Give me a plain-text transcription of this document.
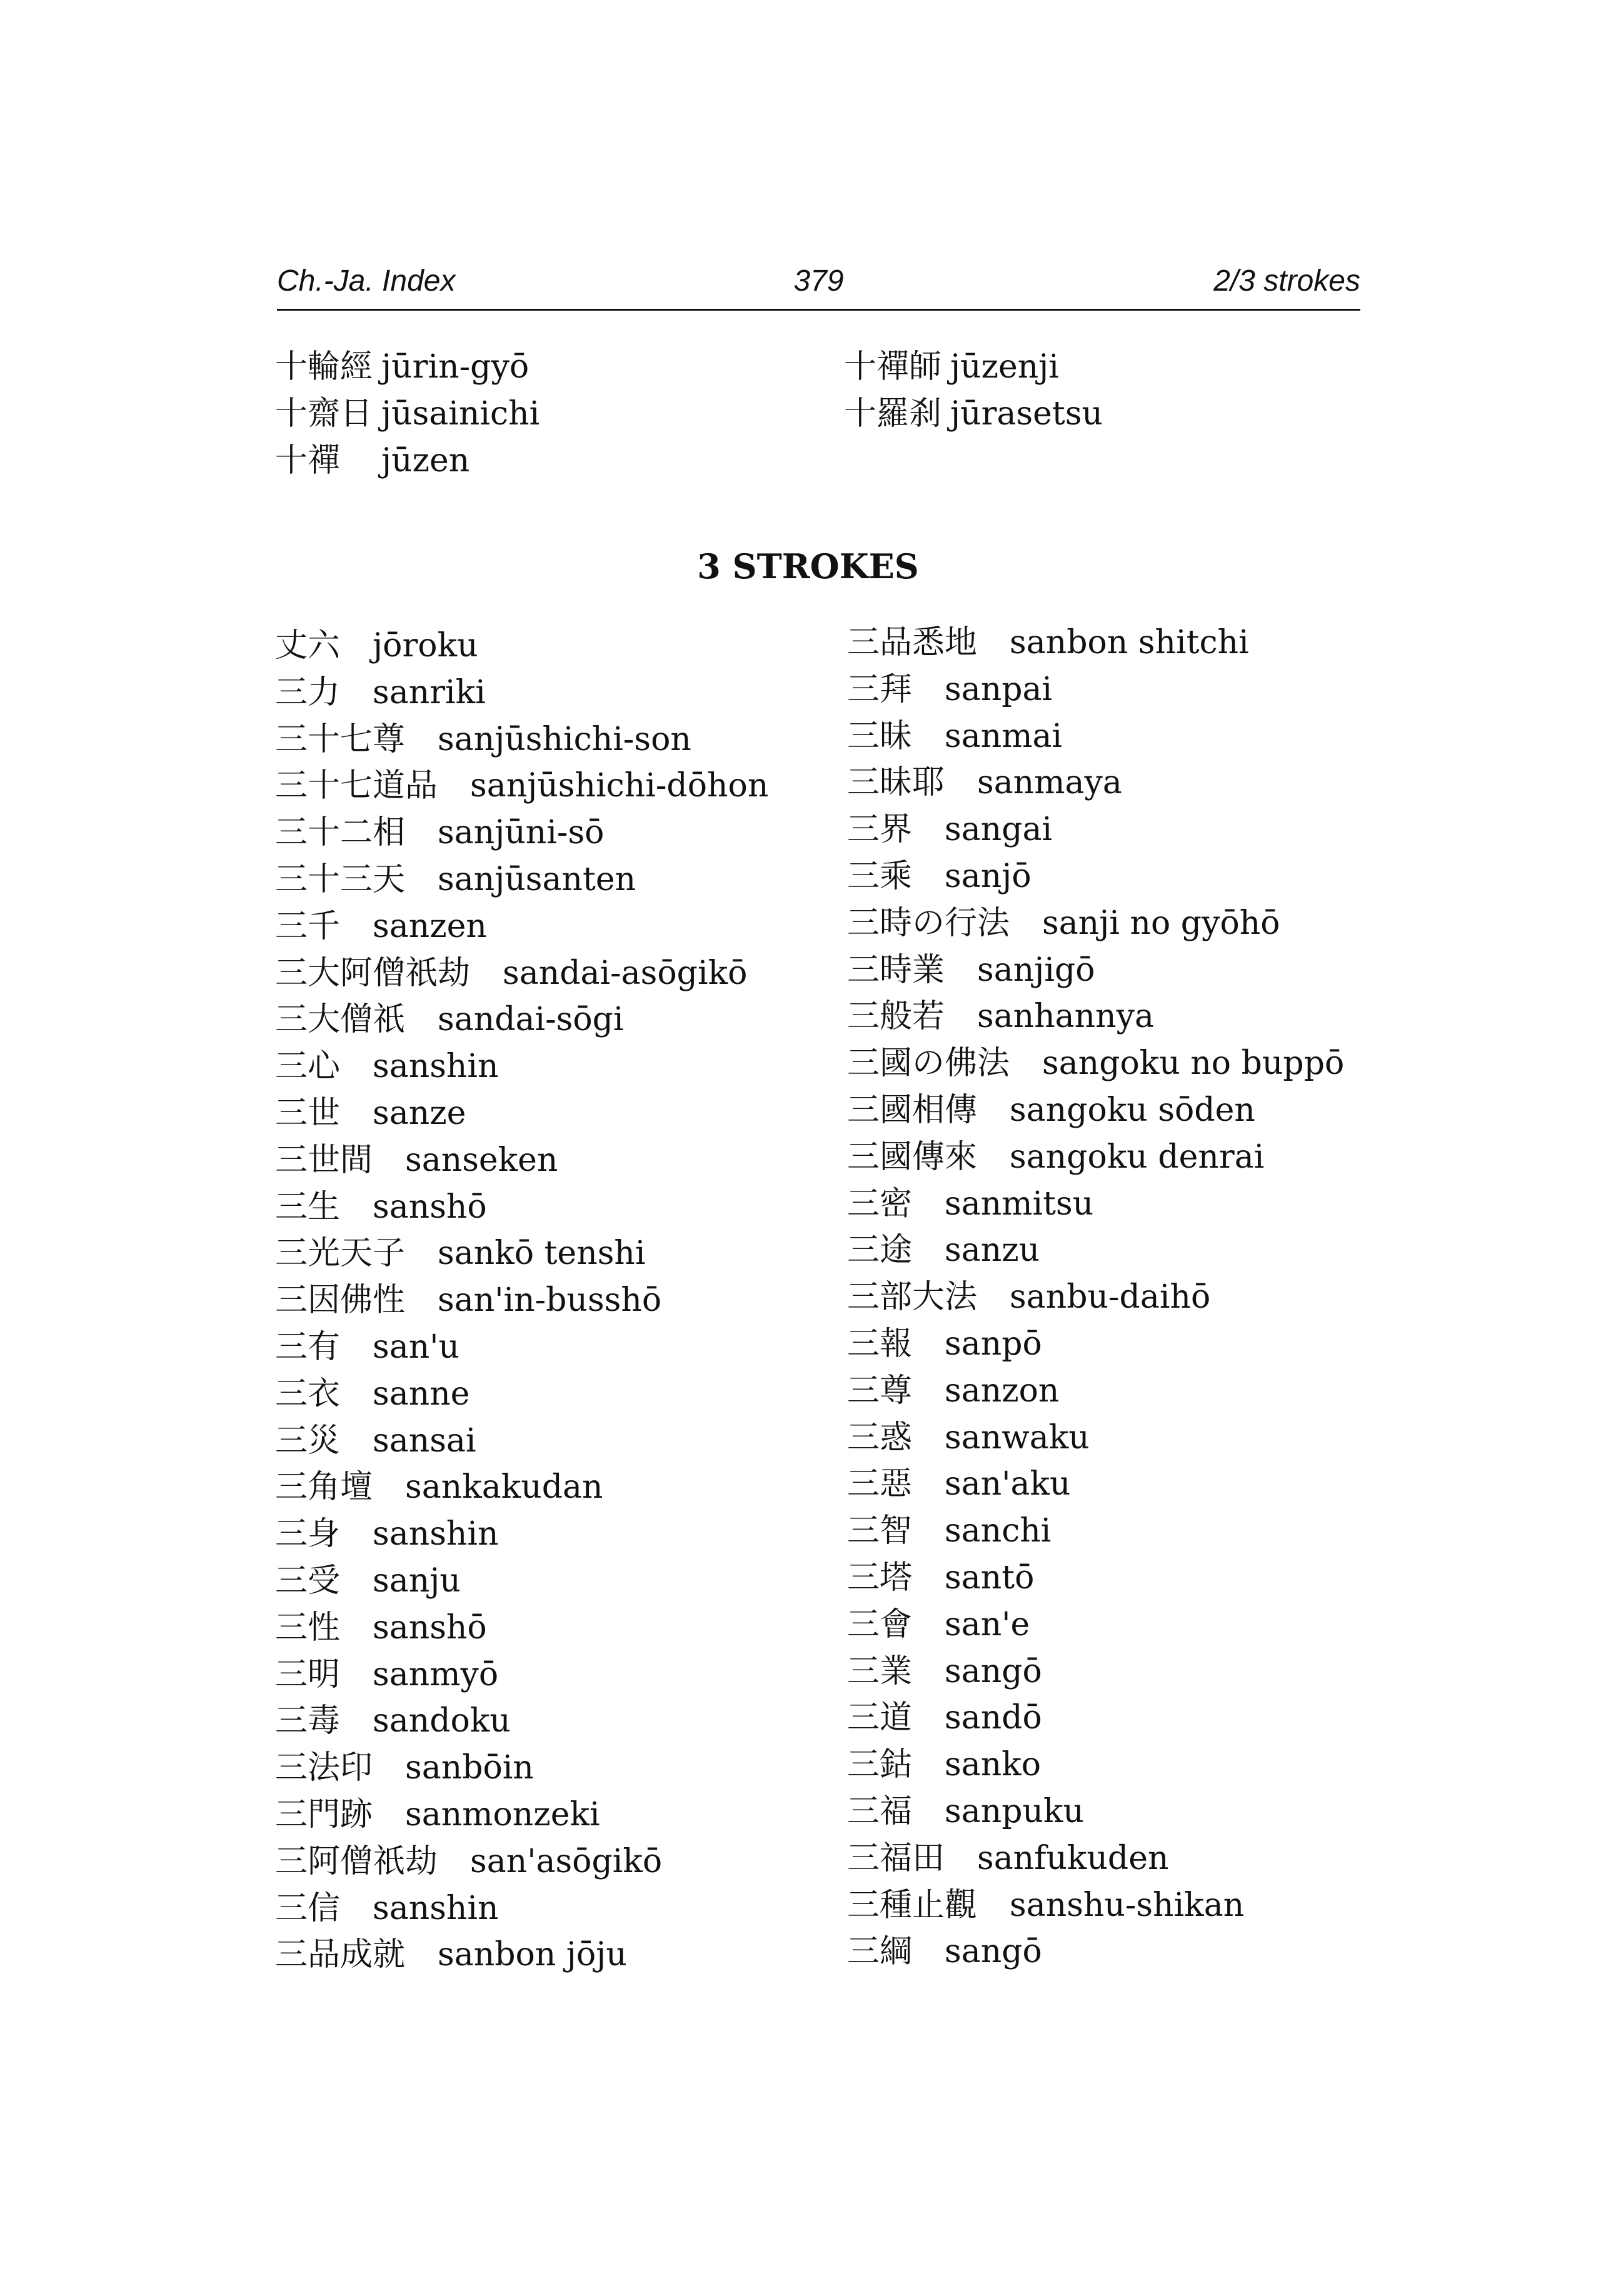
Ch.-Ja. Index	379	2/3 strokes
十輪經 jūrin-gyō
十齋日 jūsainichi
十禪 jūzen
十禪師 jūzenji
十羅刹 jūrasetsu
3 STROKES
丈六 jōroku
三力 sanriki
三十七尊 sanjūshichi-son
三十七道品 sanjūshichi-dōhon
三十二相 sanjūni-sō
三十三天 sanjūsanten
三千 sanzen
三大阿僧祇劫 sandai-asōgikō
三大僧祇 sandai-sōgi
三心 sanshin
三世 sanze
三世間 sanseken
三生 sanshō
三光天子 sankō tenshi
三因佛性 san'in-busshō
三有 san'u
三衣 sanne
三災 sansai
三角壇 sankakudan
三身 sanshin
三受 sanju
三性 sanshō
三明 sanmyō
三毒 sandoku
三法印 sanbōin
三門跡 sanmonzeki
三阿僧祇劫 san'asōgikō
三信 sanshin
三品成就 sanbon jōju
三品悉地 sanbon shitchi
三拜 sanpai
三昧 sanmai
三昧耶 sanmaya
三界 sangai
三乘 sanjō
三時の行法 sanji no gyōhō
三時業 sanjigō
三般若 sanhannya
三國の佛法 sangoku no buppō
三國相傳 sangoku sōden
三國傳來 sangoku denrai
三密 sanmitsu
三途 sanzu
三部大法 sanbu-daihō
三報 sanpō
三尊 sanzon
三惑 sanwaku
三惡 san'aku
三智 sanchi
三塔 santō
三會 san'e
三業 sangō
三道 sandō
三鈷 sanko
三福 sanpuku
三福田 sanfukuden
三種止觀 sanshu-shikan
三綱 sangō
